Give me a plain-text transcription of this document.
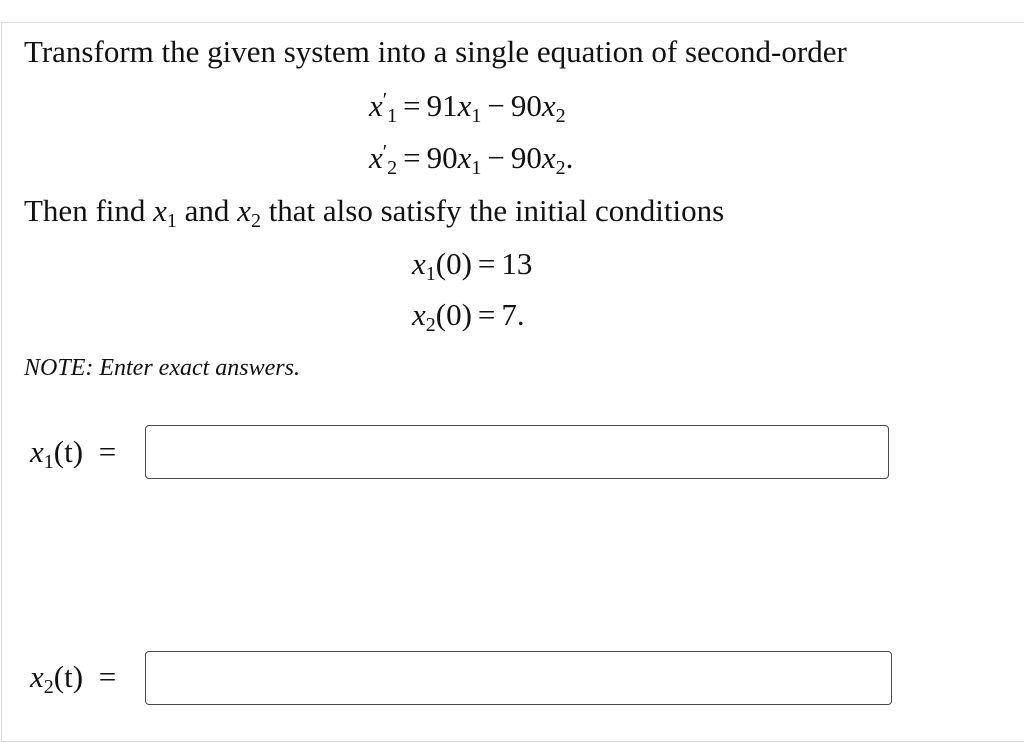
Transform the given system into a single equation of second-order
$x'_1 = 91x_1 - 90x_2$
$x'_2 = 90x_1 - 90x_2$.
Then find $x_1$ and $x_2$ that also satisfy the initial conditions
$x_1(0) = 13$
$x_2(0) = 7$.
NOTE: Enter exact answers.
$x_1(t)$ =
$x_2(t)$ =
